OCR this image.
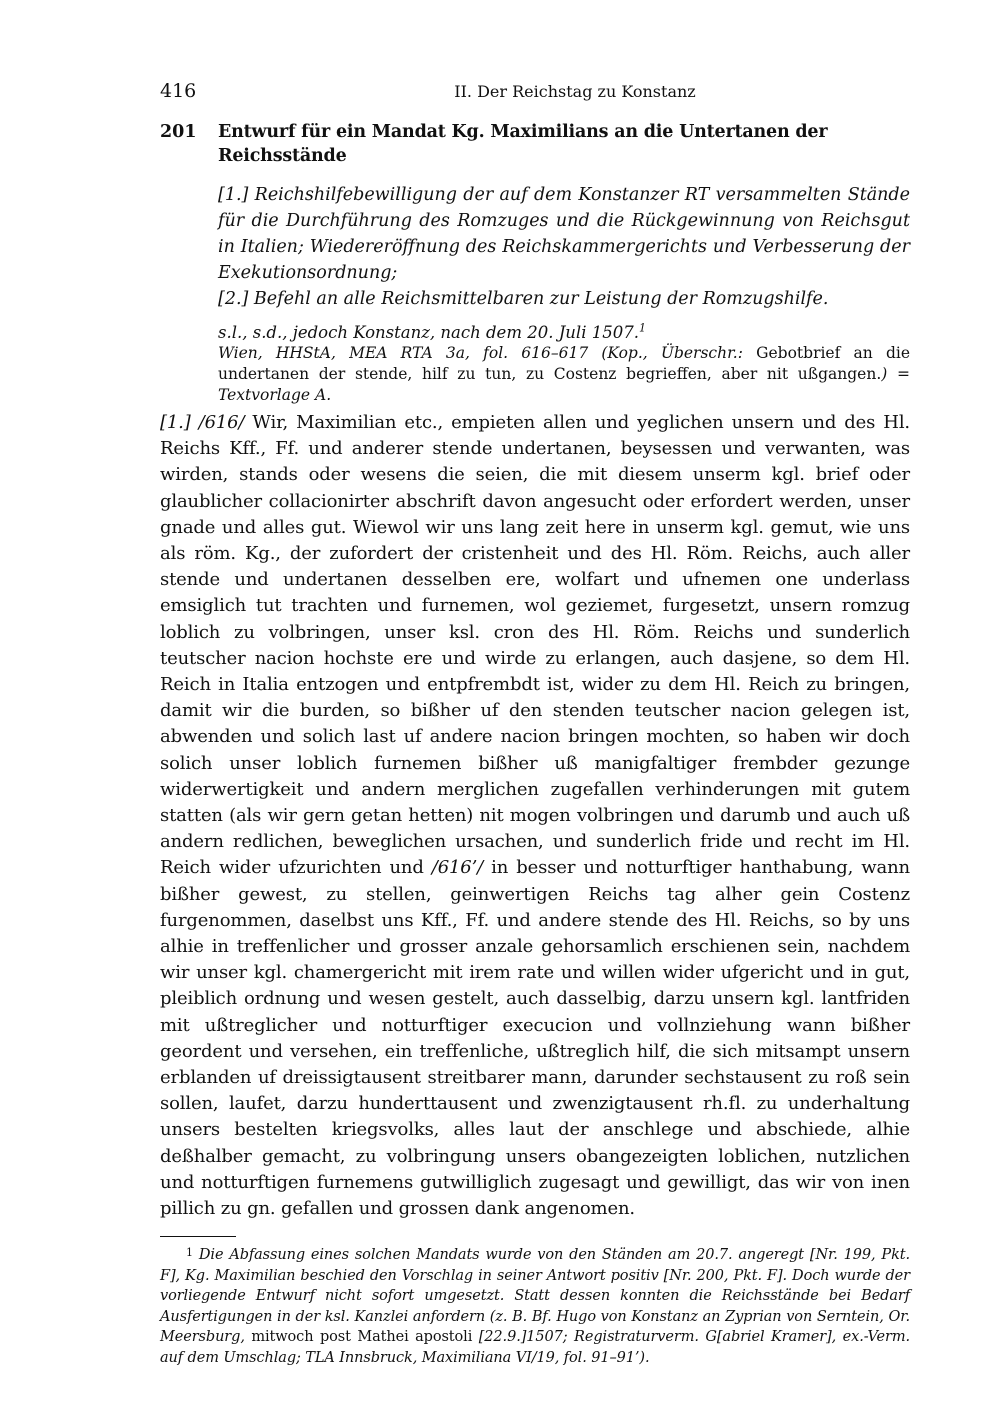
416	II. Der Reichstag zu Konstanz
201	Entwurf für ein Mandat Kg. Maximilians an die Untertanen der Reichsstände

[1.] Reichshilfebewilligung der auf dem Konstanzer RT versammelten Stände für die Durchführung des Romzuges und die Rückgewinnung von Reichsgut in Italien; Wiedereröffnung des Reichskammergerichts und Verbesserung der Exekutionsordnung;

[2.] Befehl an alle Reichsmittelbaren zur Leistung der Romzugshilfe.

s.l., s.d., jedoch Konstanz, nach dem 20. Juli 1507.$^1$

Wien, HHStA, MEA RTA 3a, fol. 616–617 (Kop., Überschr.: Gebotbrief an die undertanen der stende, hilf zu tun, zu Costenz begrieffen, aber nit ußgangen.) = Textvorlage A.

[1.] /616/ Wir, Maximilian etc., empieten allen und yeglichen unsern und des Hl. Reichs Kff., Ff. und anderer stende undertanen, beysessen und verwanten, was wirden, stands oder wesens die seien, die mit diesem unserm kgl. brief oder glaublicher collacionirter abschrift davon angesucht oder erfordert werden, unser gnade und alles gut. Wiewol wir uns lang zeit here in unserm kgl. gemut, wie uns als röm. Kg., der zufordert der cristenheit und des Hl. Röm. Reichs, auch aller stende und undertanen desselben ere, wolfart und ufnemen one underlass emsiglich tut trachten und furnemen, wol geziemet, furgesetzt, unsern romzug loblich zu volbringen, unser ksl. cron des Hl. Röm. Reichs und sunderlich teutscher nacion hochste ere und wirde zu erlangen, auch dasjene, so dem Hl. Reich in Italia entzogen und entpfrembdt ist, wider zu dem Hl. Reich zu bringen, damit wir die burden, so bißher uf den stenden teutscher nacion gelegen ist, abwenden und solich last uf andere nacion bringen mochten, so haben wir doch solich unser loblich furnemen bißher uß manigfaltiger frembder gezunge widerwertigkeit und andern merglichen zugefallen verhinderungen mit gutem statten (als wir gern getan hetten) nit mogen volbringen und darumb und auch uß andern redlichen, beweglichen ursachen, und sunderlich fride und recht im Hl. Reich wider ufzurichten und /616’/ in besser und notturftiger hanthabung, wann bißher gewest, zu stellen, geinwertigen Reichs tag alher gein Costenz furgenommen, daselbst uns Kff., Ff. und andere stende des Hl. Reichs, so by uns alhie in treffenlicher und grosser anzale gehorsamlich erschienen sein, nachdem wir unser kgl. chamergericht mit irem rate und willen wider ufgericht und in gut, pleiblich ordnung und wesen gestelt, auch dasselbig, darzu unsern kgl. lantfriden mit ußtreglicher und notturftiger execucion und vollnziehung wann bißher geordent und versehen, ein treffenliche, ußtreglich hilf, die sich mitsampt unsern erblanden uf dreissigtausent streitbarer mann, darunder sechstausent zu roß sein sollen, laufet, darzu hunderttausent und zwenzigtausent rh.fl. zu underhaltung unsers bestelten kriegsvolks, alles laut der anschlege und abschiede, alhie deßhalber gemacht, zu volbringung unsers obangezeigten loblichen, nutzlichen und notturftigen furnemens gutwilliglich zugesagt und gewilligt, das wir von inen pillich zu gn. gefallen und grossen dank angenomen.

$^1$ Die Abfassung eines solchen Mandats wurde von den Ständen am 20.7. angeregt [Nr. 199, Pkt. F], Kg. Maximilian beschied den Vorschlag in seiner Antwort positiv [Nr. 200, Pkt. F]. Doch wurde der vorliegende Entwurf nicht sofort umgesetzt. Statt dessen konnten die Reichsstände bei Bedarf Ausfertigungen in der ksl. Kanzlei anfordern (z. B. Bf. Hugo von Konstanz an Zyprian von Serntein, Or. Meersburg, mitwoch post Mathei apostoli [22.9.]1507; Registraturverm. G[abriel Kramer], ex.-Verm. auf dem Umschlag; TLA Innsbruck, Maximiliana VI/19, fol. 91–91’).
